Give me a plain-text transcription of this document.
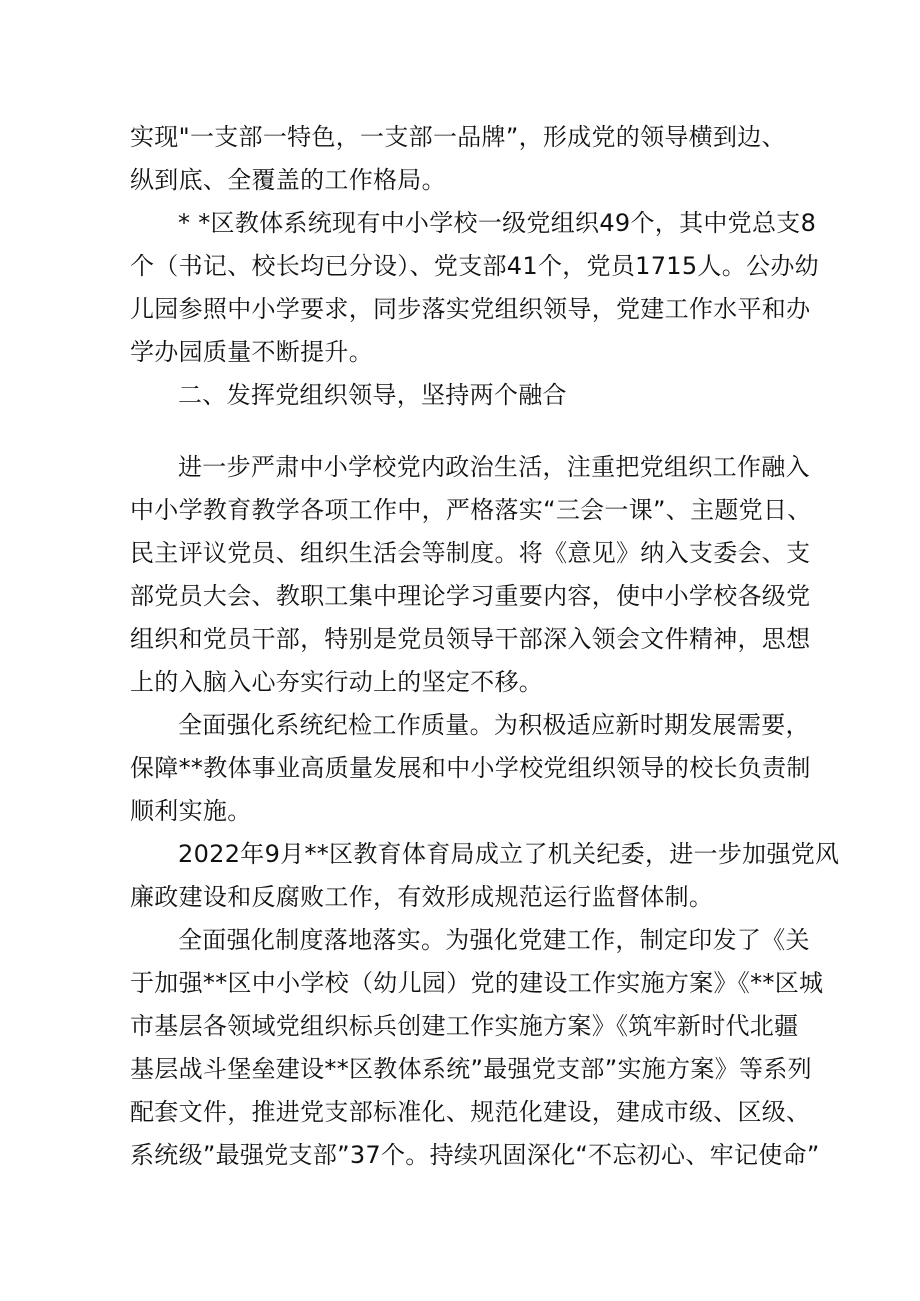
实现"一支部一特色，一支部一品牌”，形成党的领导横到边、
纵到底、全覆盖的工作格局。
* *区教体系统现有中小学校一级党组织49个，其中党总支8
个（书记、校长均已分设）、党支部41个，党员1715人。公办幼
儿园参照中小学要求，同步落实党组织领导，党建工作水平和办
学办园质量不断提升。
二、发挥党组织领导，坚持两个融合
进一步严肃中小学校党内政治生活，注重把党组织工作融入
中小学教育教学各项工作中，严格落实“三会一课”、主题党日、
民主评议党员、组织生活会等制度。将《意见》纳入支委会、支
部党员大会、教职工集中理论学习重要内容，使中小学校各级党
组织和党员干部，特别是党员领导干部深入领会文件精神，思想
上的入脑入心夯实行动上的坚定不移。
全面强化系统纪检工作质量。为积极适应新时期发展需要，
保障**教体事业高质量发展和中小学校党组织领导的校长负责制
顺利实施。
2022年9月**区教育体育局成立了机关纪委，进一步加强党风
廉政建设和反腐败工作，有效形成规范运行监督体制。
全面强化制度落地落实。为强化党建工作，制定印发了《关
于加强**区中小学校（幼儿园）党的建设工作实施方案》《**区城
市基层各领域党组织标兵创建工作实施方案》《筑牢新时代北疆
基层战斗堡垒建设**区教体系统”最强党支部”实施方案》等系列
配套文件，推进党支部标准化、规范化建设，建成市级、区级、
系统级”最强党支部”37个。持续巩固深化“不忘初心、牢记使命”
